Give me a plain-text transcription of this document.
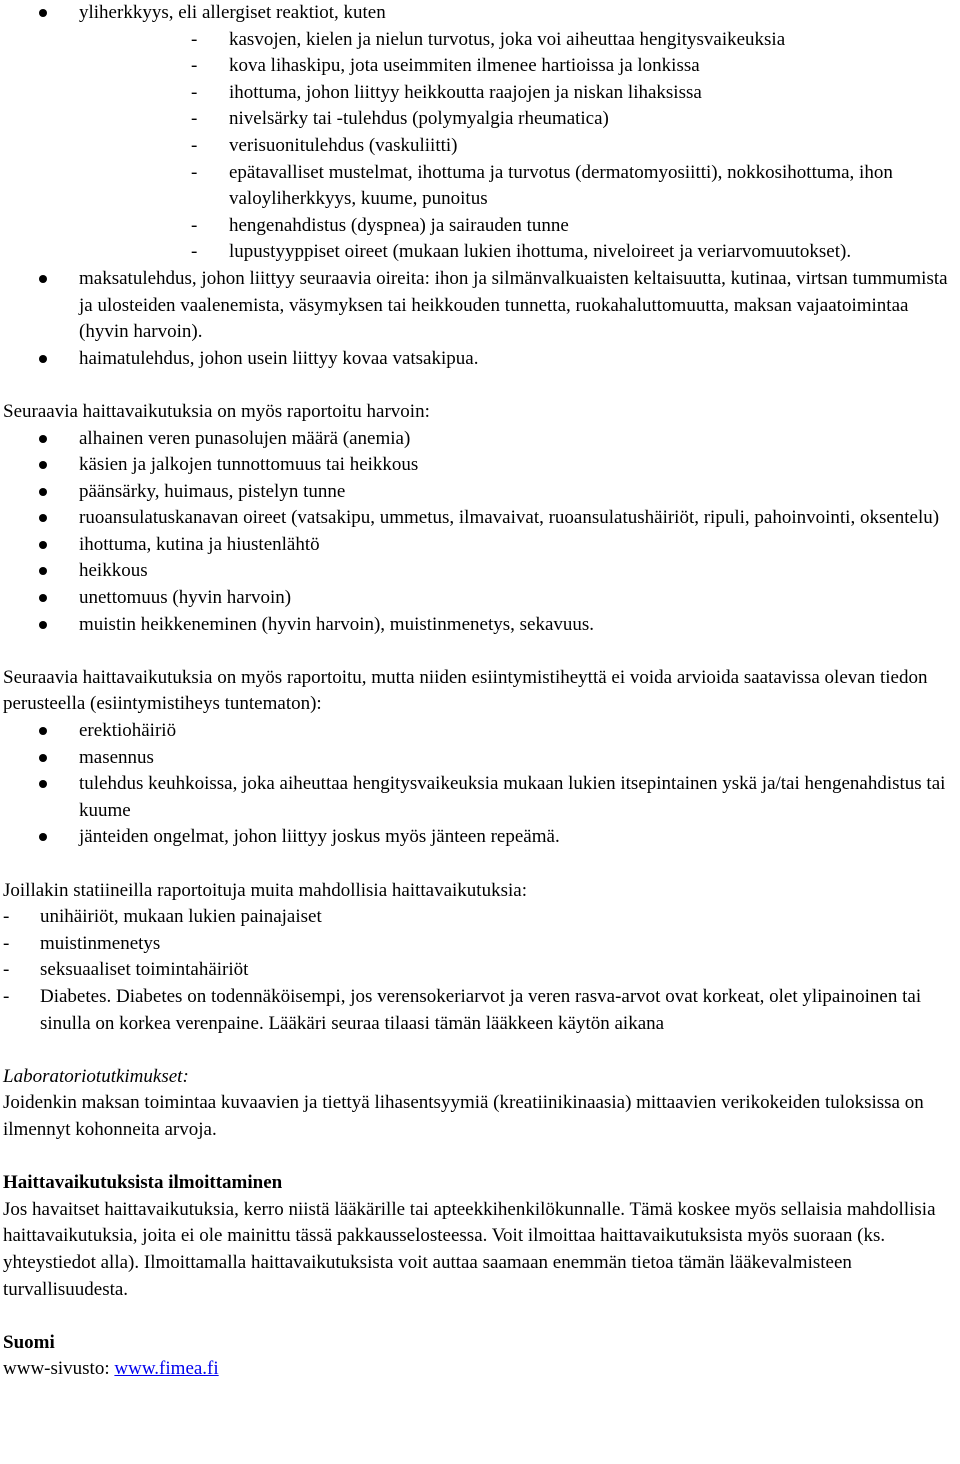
yliherkkyys, eli allergiset reaktiot, kuten
- kasvojen, kielen ja nielun turvotus, joka voi aiheuttaa hengitysvaikeuksia
- kova lihaskipu, jota useimmiten ilmenee hartioissa ja lonkissa
- ihottuma, johon liittyy heikkoutta raajojen ja niskan lihaksissa
- nivelsärky tai -tulehdus (polymyalgia rheumatica)
- verisuonitulehdus (vaskuliitti)
- epätavalliset mustelmat, ihottuma ja turvotus (dermatomyosiitti), nokkosihottuma, ihon valoyliherkkyys, kuume, punoitus
- hengenahdistus (dyspnea) ja sairauden tunne
- lupustyyppiset oireet (mukaan lukien ihottuma, niveloireet ja veriarvomuutokset).
maksatulehdus, johon liittyy seuraavia oireita: ihon ja silmänvalkuaisten keltaisuutta, kutinaa, virtsan tummumista ja ulosteiden vaalenemista, väsymyksen tai heikkouden tunnetta, ruokahaluttomuutta, maksan vajaatoimintaa (hyvin harvoin).
haimatulehdus, johon usein liittyy kovaa vatsakipua.

Seuraavia haittavaikutuksia on myös raportoitu harvoin:

alhainen veren punasolujen määrä (anemia)
käsien ja jalkojen tunnottomuus tai heikkous
päänsärky, huimaus, pistelyn tunne
ruoansulatuskanavan oireet (vatsakipu, ummetus, ilmavaivat, ruoansulatushäiriöt, ripuli, pahoinvointi, oksentelu)
ihottuma, kutina ja hiustenlähtö
heikkous
unettomuus (hyvin harvoin)
muistin heikkeneminen (hyvin harvoin), muistinmenetys, sekavuus.

Seuraavia haittavaikutuksia on myös raportoitu, mutta niiden esiintymistiheyttä ei voida arvioida saatavissa olevan tiedon perusteella (esiintymistiheys tuntematon):

erektiohäiriö
masennus
tulehdus keuhkoissa, joka aiheuttaa hengitysvaikeuksia mukaan lukien itsepintainen yskä ja/tai hengenahdistus tai kuume
jänteiden ongelmat, johon liittyy joskus myös jänteen repeämä.

Joillakin statiineilla raportoituja muita mahdollisia haittavaikutuksia:

- unihäiriöt, mukaan lukien painajaiset
- muistinmenetys
- seksuaaliset toimintahäiriöt
- Diabetes. Diabetes on todennäköisempi, jos verensokeriarvot ja veren rasva-arvot ovat korkeat, olet ylipainoinen tai sinulla on korkea verenpaine. Lääkäri seuraa tilaasi tämän lääkkeen käytön aikana

Laboratoriotutkimukset:

Joidenkin maksan toimintaa kuvaavien ja tiettyä lihasentsyymiä (kreatiinikinaasia) mittaavien verikokeiden tuloksissa on ilmennyt kohonneita arvoja.

Haittavaikutuksista ilmoittaminen

Jos havaitset haittavaikutuksia, kerro niistä lääkärille tai apteekkihenkilökunnalle. Tämä koskee myös sellaisia mahdollisia haittavaikutuksia, joita ei ole mainittu tässä pakkausselosteessa. Voit ilmoittaa haittavaikutuksista myös suoraan (ks. yhteystiedot alla). Ilmoittamalla haittavaikutuksista voit auttaa saamaan enemmän tietoa tämän lääkevalmisteen turvallisuudesta.

Suomi

www-sivusto: www.fimea.fi
